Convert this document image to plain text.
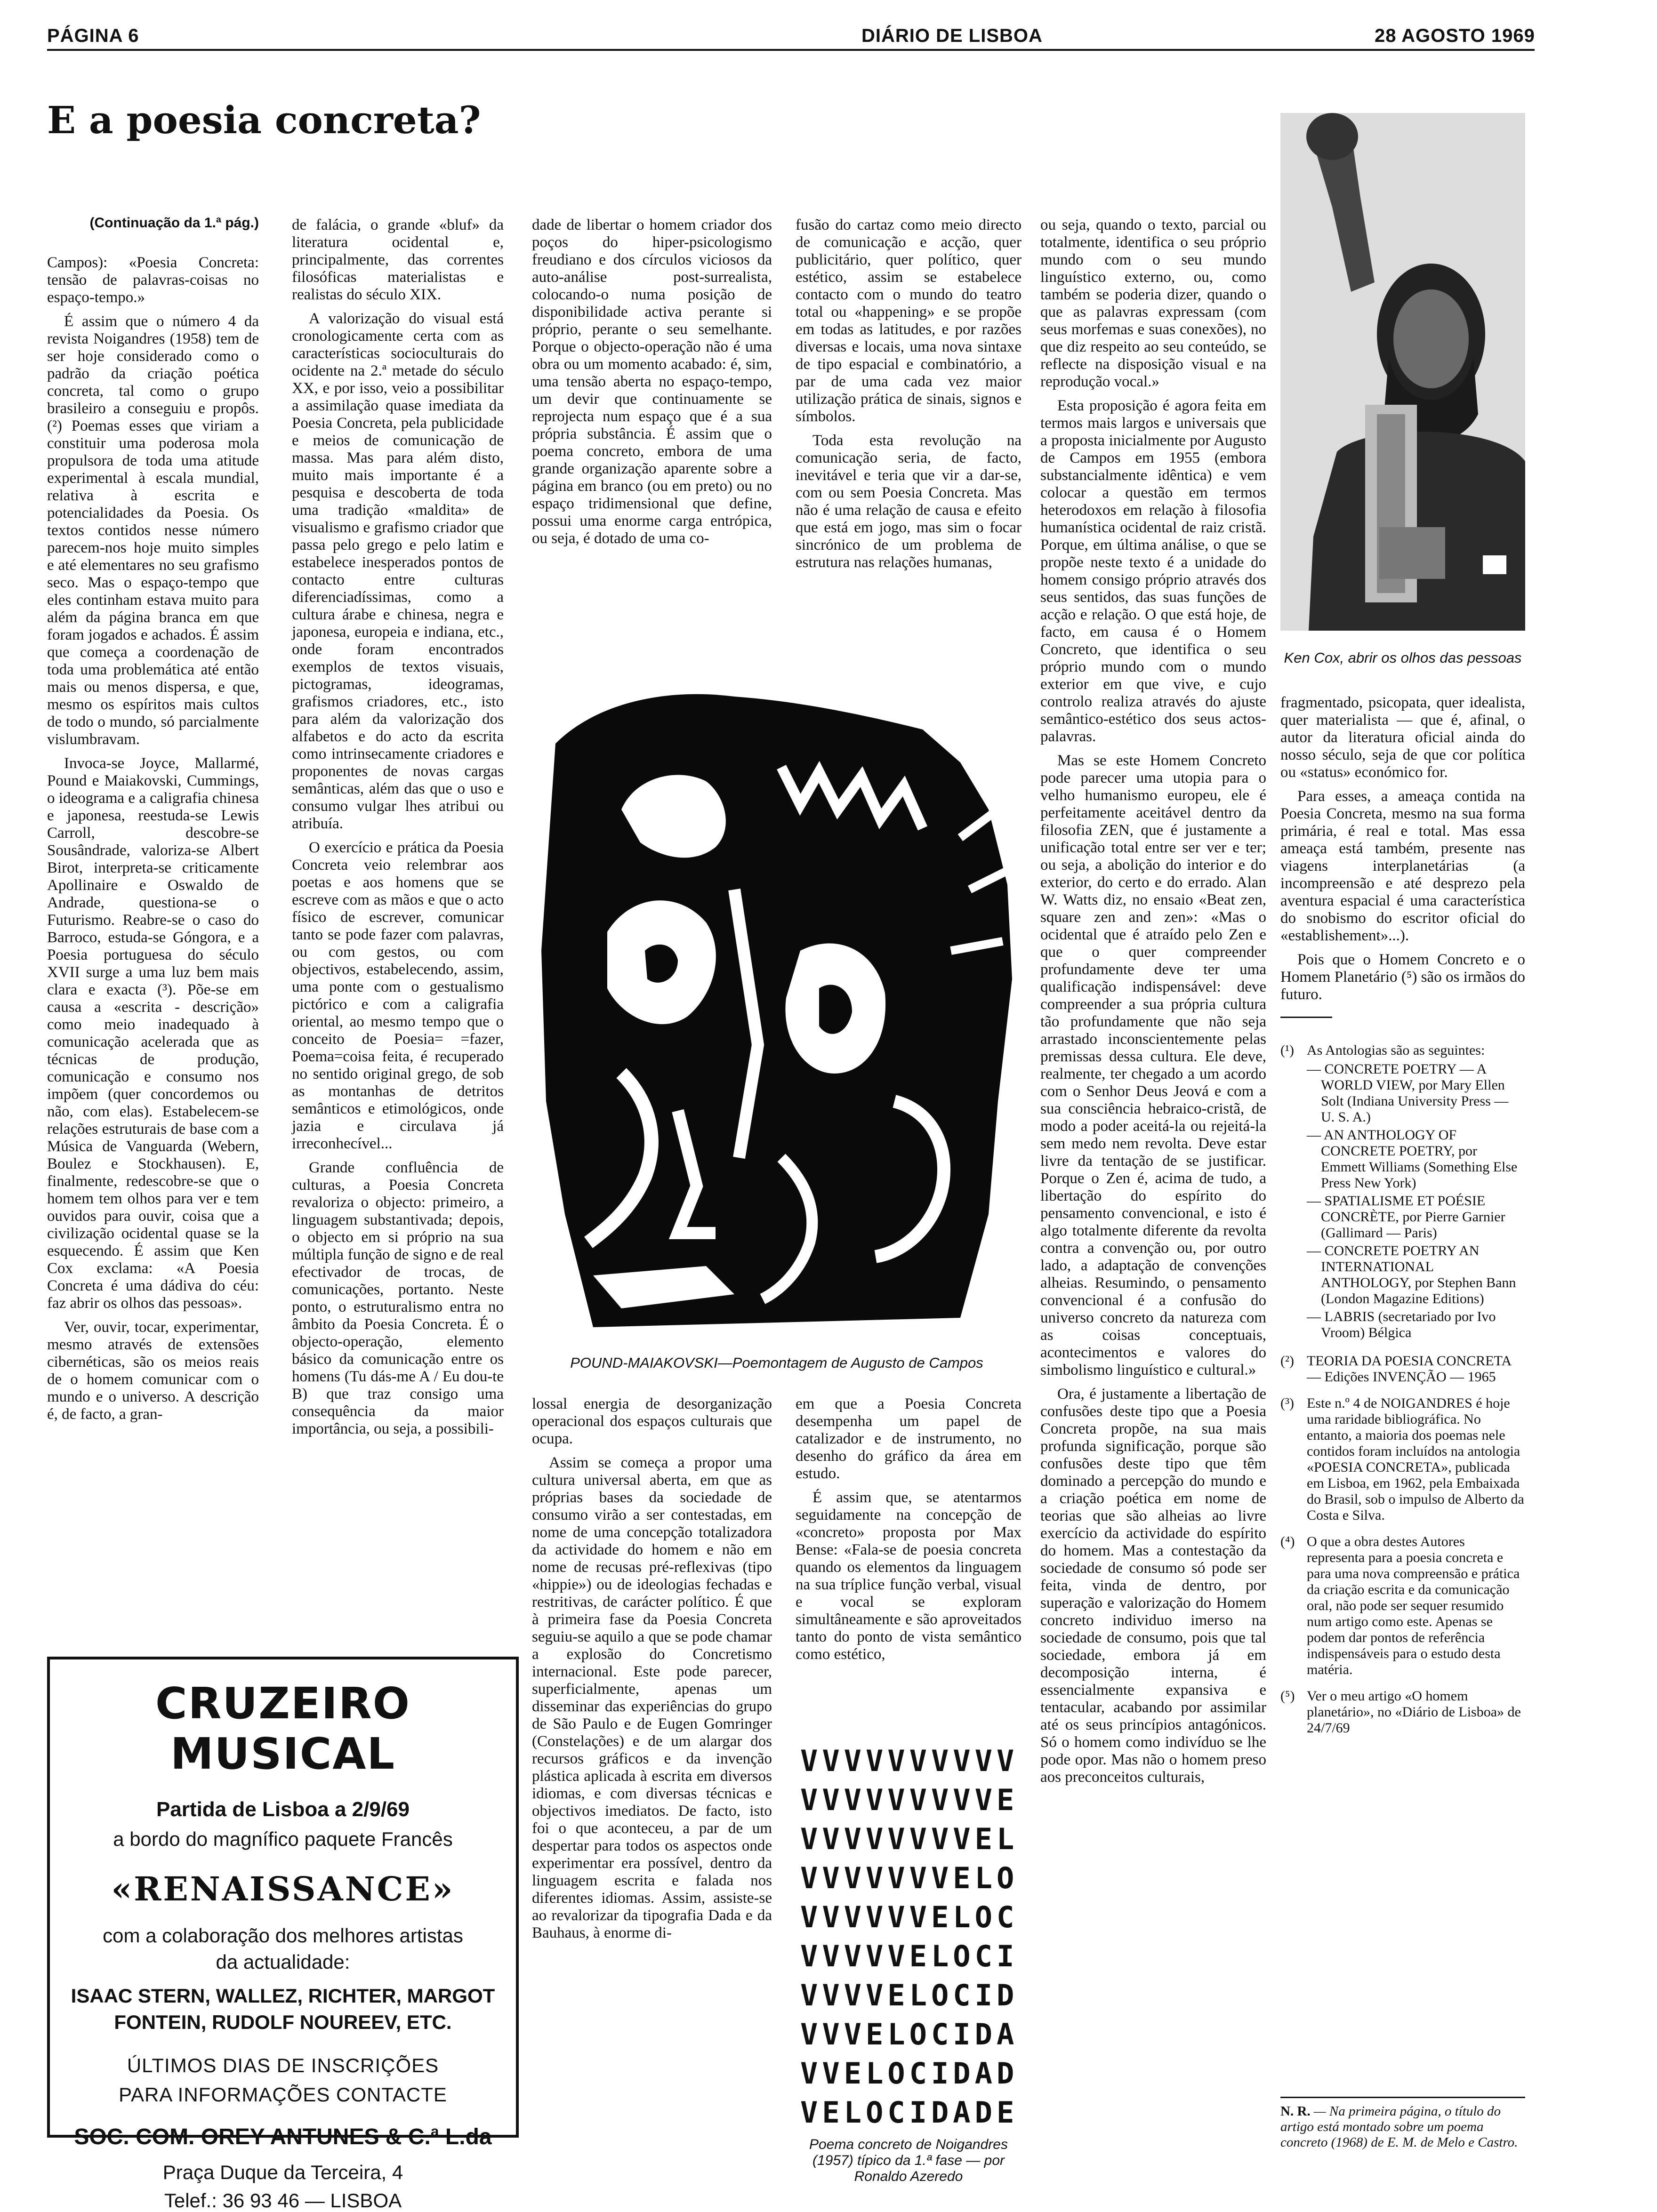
PÁGINA 6	DIÁRIO DE LISBOA	28 AGOSTO 1969
E a poesia concreta?
(Continuação da 1.ª pág.)

Campos): «Poesia Concreta: tensão de palavras-coisas no espaço-tempo.»

É assim que o número 4 da revista Noigandres (1958) tem de ser hoje considerado como o padrão da criação poética concreta, tal como o grupo brasileiro a conseguiu e propôs. (²) Poemas esses que viriam a constituir uma poderosa mola propulsora de toda uma atitude experimental à escala mundial, relativa à escrita e potencialidades da Poesia. Os textos contidos nesse número parecem-nos hoje muito simples e até elementares no seu grafismo seco. Mas o espaço-tempo que eles continham estava muito para além da página branca em que foram jogados e achados. É assim que começa a coordenação de toda uma problemática até então mais ou menos dispersa, e que, mesmo os espíritos mais cultos de todo o mundo, só parcialmente vislumbravam.

Invoca-se Joyce, Mallarmé, Pound e Maiakovski, Cummings, o ideograma e a caligrafia chinesa e japonesa, reestuda-se Lewis Carroll, descobre-se Sousândrade, valoriza-se Albert Birot, interpreta-se criticamente Apollinaire e Oswaldo de Andrade, questiona-se o Futurismo. Reabre-se o caso do Barroco, estuda-se Góngora, e a Poesia portuguesa do século XVII surge a uma luz bem mais clara e exacta (³). Põe-se em causa a «escrita - descrição» como meio inadequado à comunicação acelerada que as técnicas de produção, comunicação e consumo nos impõem (quer concordemos ou não, com elas). Estabelecem-se relações estruturais de base com a Música de Vanguarda (Webern, Boulez e Stockhausen). E, finalmente, redescobre-se que o homem tem olhos para ver e tem ouvidos para ouvir, coisa que a civilização ocidental quase se la esquecendo. É assim que Ken Cox exclama: «A Poesia Concreta é uma dádiva do céu: faz abrir os olhos das pessoas».

Ver, ouvir, tocar, experimentar, mesmo através de extensões cibernéticas, são os meios reais de o homem comunicar com o mundo e o universo. A descrição é, de facto, a gran-

de falácia, o grande «bluf» da literatura ocidental e, principalmente, das correntes filosóficas materialistas e realistas do século XIX.

A valorização do visual está cronologicamente certa com as características socioculturais do ocidente na 2.ª metade do século XX, e por isso, veio a possibilitar a assimilação quase imediata da Poesia Concreta, pela publicidade e meios de comunicação de massa. Mas para além disto, muito mais importante é a pesquisa e descoberta de toda uma tradição «maldita» de visualismo e grafismo criador que passa pelo grego e pelo latim e estabelece inesperados pontos de contacto entre culturas diferenciadíssimas, como a cultura árabe e chinesa, negra e japonesa, europeia e indiana, etc., onde foram encontrados exemplos de textos visuais, pictogramas, ideogramas, grafismos criadores, etc., isto para além da valorização dos alfabetos e do acto da escrita como intrinsecamente criadores e proponentes de novas cargas semânticas, além das que o uso e consumo vulgar lhes atribui ou atribuía.

O exercício e prática da Poesia Concreta veio relembrar aos poetas e aos homens que se escreve com as mãos e que o acto físico de escrever, comunicar tanto se pode fazer com palavras, ou com gestos, ou com objectivos, estabelecendo, assim, uma ponte com o gestualismo pictórico e com a caligrafia oriental, ao mesmo tempo que o conceito de Poesia= =fazer, Poema=coisa feita, é recuperado no sentido original grego, de sob as montanhas de detritos semânticos e etimológicos, onde jazia e circulava já irreconhecível...

Grande confluência de culturas, a Poesia Concreta revaloriza o objecto: primeiro, a linguagem substantivada; depois, o objecto em si próprio na sua múltipla função de signo e de real efectivador de trocas, de comunicações, portanto. Neste ponto, o estruturalismo entra no âmbito da Poesia Concreta. É o objecto-operação, elemento básico da comunicação entre os homens (Tu dás-me A / Eu dou-te B) que traz consigo uma consequência da maior importância, ou seja, a possibili-

dade de libertar o homem criador dos poços do hiper-psicologismo freudiano e dos círculos viciosos da auto-análise post-surrealista, colocando-o numa posição de disponibilidade activa perante si próprio, perante o seu semelhante. Porque o objecto-operação não é uma obra ou um momento acabado: é, sim, uma tensão aberta no espaço-tempo, um devir que continuamente se reprojecta num espaço que é a sua própria substância. É assim que o poema concreto, embora de uma grande organização aparente sobre a página em branco (ou em preto) ou no espaço tridimensional que define, possui uma enorme carga entrópica, ou seja, é dotado de uma co-

fusão do cartaz como meio directo de comunicação e acção, quer publicitário, quer político, quer estético, assim se estabelece contacto com o mundo do teatro total ou «happening» e se propõe em todas as latitudes, e por razões diversas e locais, uma nova sintaxe de tipo espacial e combinatório, a par de uma cada vez maior utilização prática de sinais, signos e símbolos.

Toda esta revolução na comunicação seria, de facto, inevitável e teria que vir a dar-se, com ou sem Poesia Concreta. Mas não é uma relação de causa e efeito que está em jogo, mas sim o focar sincrónico de um problema de estrutura nas relações humanas,

POUND-MAIAKOVSKI—Poemontagem de Augusto de Campos

lossal energia de desorganização operacional dos espaços culturais que ocupa.

Assim se começa a propor uma cultura universal aberta, em que as próprias bases da sociedade de consumo virão a ser contestadas, em nome de uma concepção totalizadora da actividade do homem e não em nome de recusas pré-reflexivas (tipo «hippie») ou de ideologias fechadas e restritivas, de carácter político. É que à primeira fase da Poesia Concreta seguiu-se aquilo a que se pode chamar a explosão do Concretismo internacional. Este pode parecer, superficialmente, apenas um disseminar das experiências do grupo de São Paulo e de Eugen Gomringer (Constelações) e de um alargar dos recursos gráficos e da invenção plástica aplicada à escrita em diversos idiomas, e com diversas técnicas e objectivos imediatos. De facto, isto foi o que aconteceu, a par de um despertar para todos os aspectos onde experimentar era possível, dentro da linguagem escrita e falada nos diferentes idiomas. Assim, assiste-se ao revalorizar da tipografia Dada e da Bauhaus, à enorme di-

em que a Poesia Concreta desempenha um papel de catalizador e de instrumento, no desenho do gráfico da área em estudo.

É assim que, se atentarmos seguidamente na concepção de «concreto» proposta por Max Bense: «Fala-se de poesia concreta quando os elementos da linguagem na sua tríplice função verbal, visual e vocal se exploram simultâneamente e são aproveitados tanto do ponto de vista semântico como estético,

VVVVVVVVVV
VVVVVVVVVE
VVVVVVVVEL
VVVVVVVELO
VVVVVVELOC
VVVVVELOCI
VVVVELOCID
VVVELOCIDA
VVELOCIDAD
VELOCIDADE
Poema concreto de Noigandres (1957) típico da 1.ª fase — por Ronaldo Azeredo

ou seja, quando o texto, parcial ou totalmente, identifica o seu próprio mundo com o seu mundo linguístico externo, ou, como também se poderia dizer, quando o que as palavras expressam (com seus morfemas e suas conexões), no que diz respeito ao seu conteúdo, se reflecte na disposição visual e na reprodução vocal.»

Esta proposição é agora feita em termos mais largos e universais que a proposta inicialmente por Augusto de Campos em 1955 (embora substancialmente idêntica) e vem colocar a questão em termos heterodoxos em relação à filosofia humanística ocidental de raiz cristã. Porque, em última análise, o que se propõe neste texto é a unidade do homem consigo próprio através dos seus sentidos, das suas funções de acção e relação. O que está hoje, de facto, em causa é o Homem Concreto, que identifica o seu próprio mundo com o mundo exterior em que vive, e cujo controlo realiza através do ajuste semântico-estético dos seus actos-palavras.

Mas se este Homem Concreto pode parecer uma utopia para o velho humanismo europeu, ele é perfeitamente aceitável dentro da filosofia ZEN, que é justamente a unificação total entre ser ver e ter; ou seja, a abolição do interior e do exterior, do certo e do errado. Alan W. Watts diz, no ensaio «Beat zen, square zen and zen»: «Mas o ocidental que é atraído pelo Zen e que o quer compreender profundamente deve ter uma qualificação indispensável: deve compreender a sua própria cultura tão profundamente que não seja arrastado inconscientemente pelas premissas dessa cultura. Ele deve, realmente, ter chegado a um acordo com o Senhor Deus Jeová e com a sua consciência hebraico-cristã, de modo a poder aceitá-la ou rejeitá-la sem medo nem revolta. Deve estar livre da tentação de se justificar. Porque o Zen é, acima de tudo, a libertação do espírito do pensamento convencional, e isto é algo totalmente diferente da revolta contra a convenção ou, por outro lado, a adaptação de convenções alheias. Resumindo, o pensamento convencional é a confusão do universo concreto da natureza com as coisas conceptuais, acontecimentos e valores do simbolismo linguístico e cultural.»

Ora, é justamente a libertação de confusões deste tipo que a Poesia Concreta propõe, na sua mais profunda significação, porque são confusões deste tipo que têm dominado a percepção do mundo e a criação poética em nome de teorias que são alheias ao livre exercício da actividade do espírito do homem. Mas a contestação da sociedade de consumo só pode ser feita, vinda de dentro, por superação e valorização do Homem concreto individuo imerso na sociedade de consumo, pois que tal sociedade, embora já em decomposição interna, é essencialmente expansiva e tentacular, acabando por assimilar até os seus princípios antagónicos. Só o homem como indivíduo se lhe pode opor. Mas não o homem preso aos preconceitos culturais,

Ken Cox, abrir os olhos das pessoas

fragmentado, psicopata, quer idealista, quer materialista — que é, afinal, o autor da literatura oficial ainda do nosso século, seja de que cor política ou «status» económico for.

Para esses, a ameaça contida na Poesia Concreta, mesmo na sua forma primária, é real e total. Mas essa ameaça está também, presente nas viagens interplanetárias (a incompreensão e até desprezo pela aventura espacial é uma característica do snobismo do escritor oficial do «establishement»...).

Pois que o Homem Concreto e o Homem Planetário (⁵) são os irmãos do futuro.

(¹) As Antologias são as seguintes:
— CONCRETE POETRY — A WORLD VIEW, por Mary Ellen Solt (Indiana University Press — U. S. A.)
— AN ANTHOLOGY OF CONCRETE POETRY, por Emmett Williams (Something Else Press New York)
— SPATIALISME ET POÉSIE CONCRÈTE, por Pierre Garnier (Gallimard — Paris)
— CONCRETE POETRY AN INTERNATIONAL ANTHOLOGY, por Stephen Bann (London Magazine Editions)
— LABRIS (secretariado por Ivo Vroom) Bélgica
(²) TEORIA DA POESIA CONCRETA — Edições INVENÇÃO — 1965
(³) Este n.º 4 de NOIGANDRES é hoje uma raridade bibliográfica. No entanto, a maioria dos poemas nele contidos foram incluídos na antologia «POESIA CONCRETA», publicada em Lisboa, em 1962, pela Embaixada do Brasil, sob o impulso de Alberto da Costa e Silva.
(⁴) O que a obra destes Autores representa para a poesia concreta e para uma nova compreensão e prática da criação escrita e da comunicação oral, não pode ser sequer resumido num artigo como este. Apenas se podem dar pontos de referência indispensáveis para o estudo desta matéria.
(⁵) Ver o meu artigo «O homem planetário», no «Diário de Lisboa» de 24/7/69
N. R. — Na primeira página, o título do artigo está montado sobre um poema concreto (1968) de E. M. de Melo e Castro.
CRUZEIRO MUSICAL
Partida de Lisboa a 2/9/69
a bordo do magnífico paquete Francês
«RENAISSANCE»
com a colaboração dos melhores artistas
da actualidade:
ISAAC STERN, WALLEZ, RICHTER, MARGOT
FONTEIN, RUDOLF NOUREEV, ETC.
ÚLTIMOS DIAS DE INSCRIÇÕES
PARA INFORMAÇÕES CONTACTE
SOC. COM. OREY ANTUNES & C.ª L.da
Praça Duque da Terceira, 4
Telef.: 36 93 46 — LISBOA
